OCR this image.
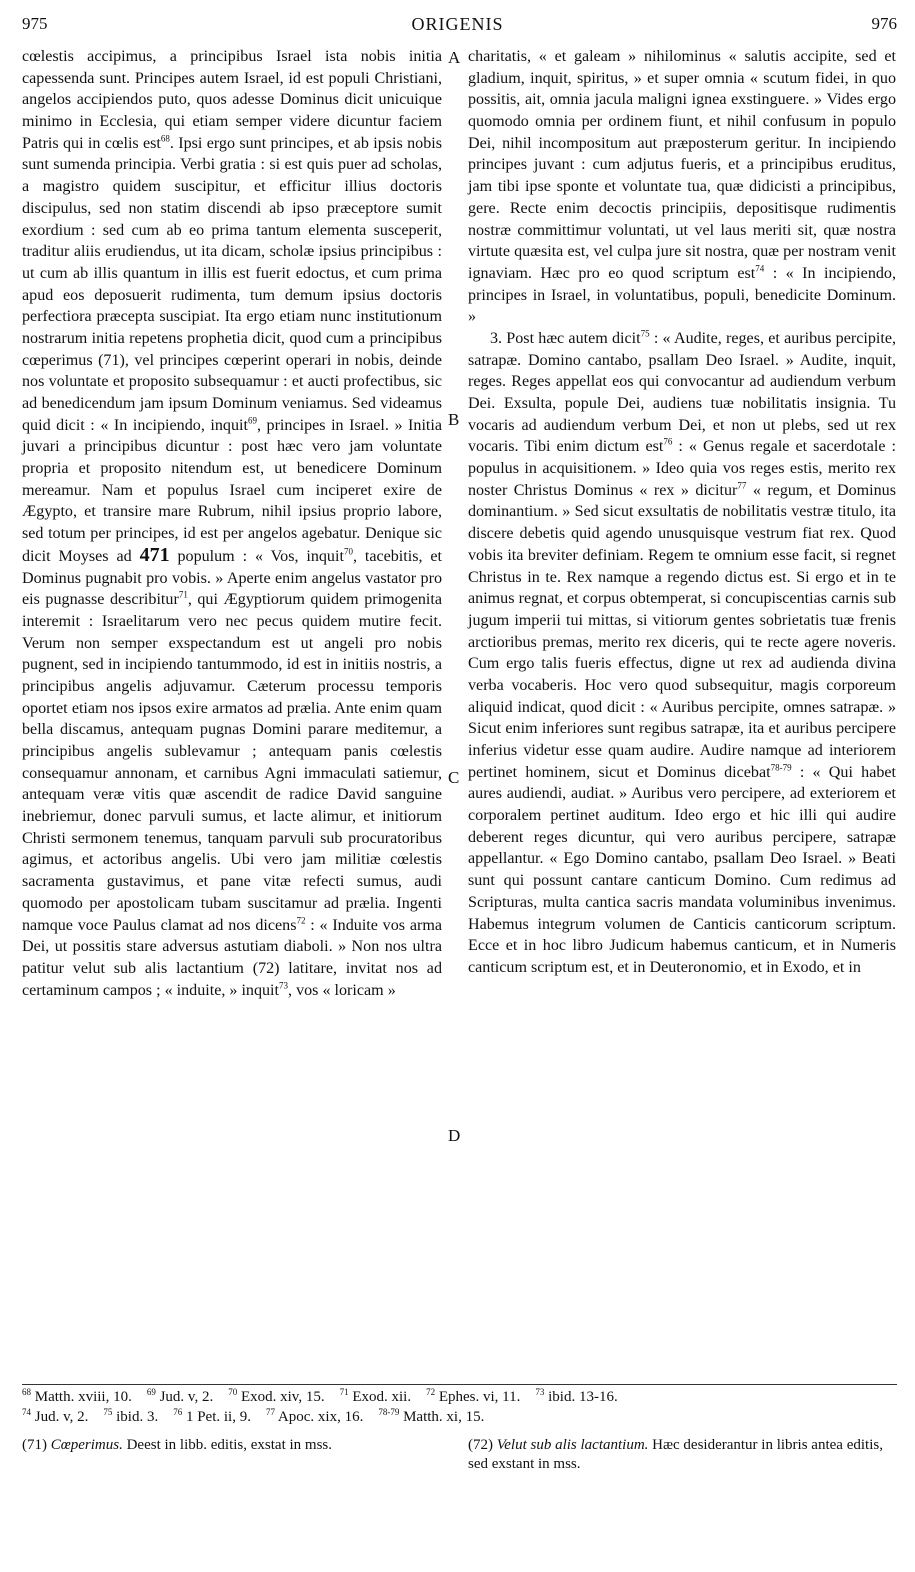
975	ORIGENIS	976
A
B
C
D

cœlestis accipimus, a principibus Israel ista nobis initia capessenda sunt. Principes autem Israel, id est populi Christiani, angelos accipiendos puto, quos adesse Dominus dicit unicuique minimo in Ecclesia, qui etiam semper videre dicuntur faciem Patris qui in cœlis est$^{68}$. Ipsi ergo sunt principes, et ab ipsis nobis sunt sumenda principia. Verbi gratia : si est quis puer ad scholas, a magistro quidem suscipitur, et efficitur illius doctoris discipulus, sed non statim discendi ab ipso præceptore sumit exordium : sed cum ab eo prima tantum elementa susceperit, traditur aliis erudiendus, ut ita dicam, scholæ ipsius principibus : ut cum ab illis quantum in illis est fuerit edoctus, et cum prima apud eos deposuerit rudimenta, tum demum ipsius doctoris perfectiora præcepta suscipiat. Ita ergo etiam nunc institutionum nostrarum initia repetens prophetia dicit, quod cum a principibus cœperimus (71), vel principes cœperint operari in nobis, deinde nos voluntate et proposito subsequamur : et aucti profectibus, sic ad benedicendum jam ipsum Dominum veniamus. Sed videamus quid dicit : « In incipiendo, inquit$^{69}$, principes in Israel. » Initia juvari a principibus dicuntur : post hæc vero jam voluntate propria et proposito nitendum est, ut benedicere Dominum mereamur. Nam et populus Israel cum inciperet exire de Ægypto, et transire mare Rubrum, nihil ipsius proprio labore, sed totum per principes, id est per angelos agebatur. Denique sic dicit Moyses ad 471 populum : « Vos, inquit$^{70}$, tacebitis, et Dominus pugnabit pro vobis. » Aperte enim angelus vastator pro eis pugnasse describitur$^{71}$, qui Ægyptiorum quidem primogenita interemit : Israelitarum vero nec pecus quidem mutire fecit. Verum non semper exspectandum est ut angeli pro nobis pugnent, sed in incipiendo tantummodo, id est in initiis nostris, a principibus angelis adjuvamur. Cæterum processu temporis oportet etiam nos ipsos exire armatos ad prælia. Ante enim quam bella discamus, antequam pugnas Domini parare meditemur, a principibus angelis sublevamur ; antequam panis cœlestis consequamur annonam, et carnibus Agni immaculati satiemur, antequam veræ vitis quæ ascendit de radice David sanguine inebriemur, donec parvuli sumus, et lacte alimur, et initiorum Christi sermonem tenemus, tanquam parvuli sub procuratoribus agimus, et actoribus angelis. Ubi vero jam militiæ cœlestis sacramenta gustavimus, et pane vitæ refecti sumus, audi quomodo per apostolicam tubam suscitamur ad prælia. Ingenti namque voce Paulus clamat ad nos dicens$^{72}$ : « Induite vos arma Dei, ut possitis stare adversus astutiam diaboli. » Non nos ultra patitur velut sub alis lactantium (72) latitare, invitat nos ad certaminum campos ; « induite, » inquit$^{73}$, vos « loricam »

charitatis, « et galeam » nihilominus « salutis accipite, sed et gladium, inquit, spiritus, » et super omnia « scutum fidei, in quo possitis, ait, omnia jacula maligni ignea exstinguere. » Vides ergo quomodo omnia per ordinem fiunt, et nihil confusum in populo Dei, nihil incompositum aut præposterum geritur. In incipiendo principes juvant : cum adjutus fueris, et a principibus eruditus, jam tibi ipse sponte et voluntate tua, quæ didicisti a principibus, gere. Recte enim decoctis principiis, depositisque rudimentis nostræ committimur voluntati, ut vel laus meriti sit, quæ nostra virtute quæsita est, vel culpa jure sit nostra, quæ per nostram venit ignaviam. Hæc pro eo quod scriptum est$^{74}$ : « In incipiendo, principes in Israel, in voluntatibus, populi, benedicite Dominum. »

3. Post hæc autem dicit$^{75}$ : « Audite, reges, et auribus percipite, satrapæ. Domino cantabo, psallam Deo Israel. » Audite, inquit, reges. Reges appellat eos qui convocantur ad audiendum verbum Dei. Exsulta, popule Dei, audiens tuæ nobilitatis insignia. Tu vocaris ad audiendum verbum Dei, et non ut plebs, sed ut rex vocaris. Tibi enim dictum est$^{76}$ : « Genus regale et sacerdotale : populus in acquisitionem. » Ideo quia vos reges estis, merito rex noster Christus Dominus « rex » dicitur$^{77}$ « regum, et Dominus dominantium. » Sed sicut exsultatis de nobilitatis vestræ titulo, ita discere debetis quid agendo unusquisque vestrum fiat rex. Quod vobis ita breviter definiam. Regem te omnium esse facit, si regnet Christus in te. Rex namque a regendo dictus est. Si ergo et in te animus regnat, et corpus obtemperat, si concupiscentias carnis sub jugum imperii tui mittas, si vitiorum gentes sobrietatis tuæ frenis arctioribus premas, merito rex diceris, qui te recte agere noveris. Cum ergo talis fueris effectus, digne ut rex ad audienda divina verba vocaberis. Hoc vero quod subsequitur, magis corporeum aliquid indicat, quod dicit : « Auribus percipite, omnes satrapæ. » Sicut enim inferiores sunt regibus satrapæ, ita et auribus percipere inferius videtur esse quam audire. Audire namque ad interiorem pertinet hominem, sicut et Dominus dicebat$^{78-79}$ : « Qui habet aures audiendi, audiat. » Auribus vero percipere, ad exteriorem et corporalem pertinet auditum. Ideo ergo et hic illi qui audire deberent reges dicuntur, qui vero auribus percipere, satrapæ appellantur. « Ego Domino cantabo, psallam Deo Israel. » Beati sunt qui possunt cantare canticum Domino. Cum redimus ad Scripturas, multa cantica sacris mandata voluminibus invenimus. Habemus integrum volumen de Canticis canticorum scriptum. Ecce et in hoc libro Judicum habemus canticum, et in Numeris canticum scriptum est, et in Deuteronomio, et in Exodo, et in

$^{68}$ Matth. xviii, 10. $^{69}$ Jud. v, 2. $^{70}$ Exod. xiv, 15. $^{71}$ Exod. xii. $^{72}$ Ephes. vi, 11. $^{73}$ ibid. 13-16.
$^{74}$ Jud. v, 2. $^{75}$ ibid. 3. $^{76}$ 1 Pet. ii, 9. $^{77}$ Apoc. xix, 16. $^{78-79}$ Matth. xi, 15.
(71) Cœperimus. Deest in libb. editis, exstat in mss.	(72) Velut sub alis lactantium. Hæc desiderantur in libris antea editis, sed exstant in mss.
